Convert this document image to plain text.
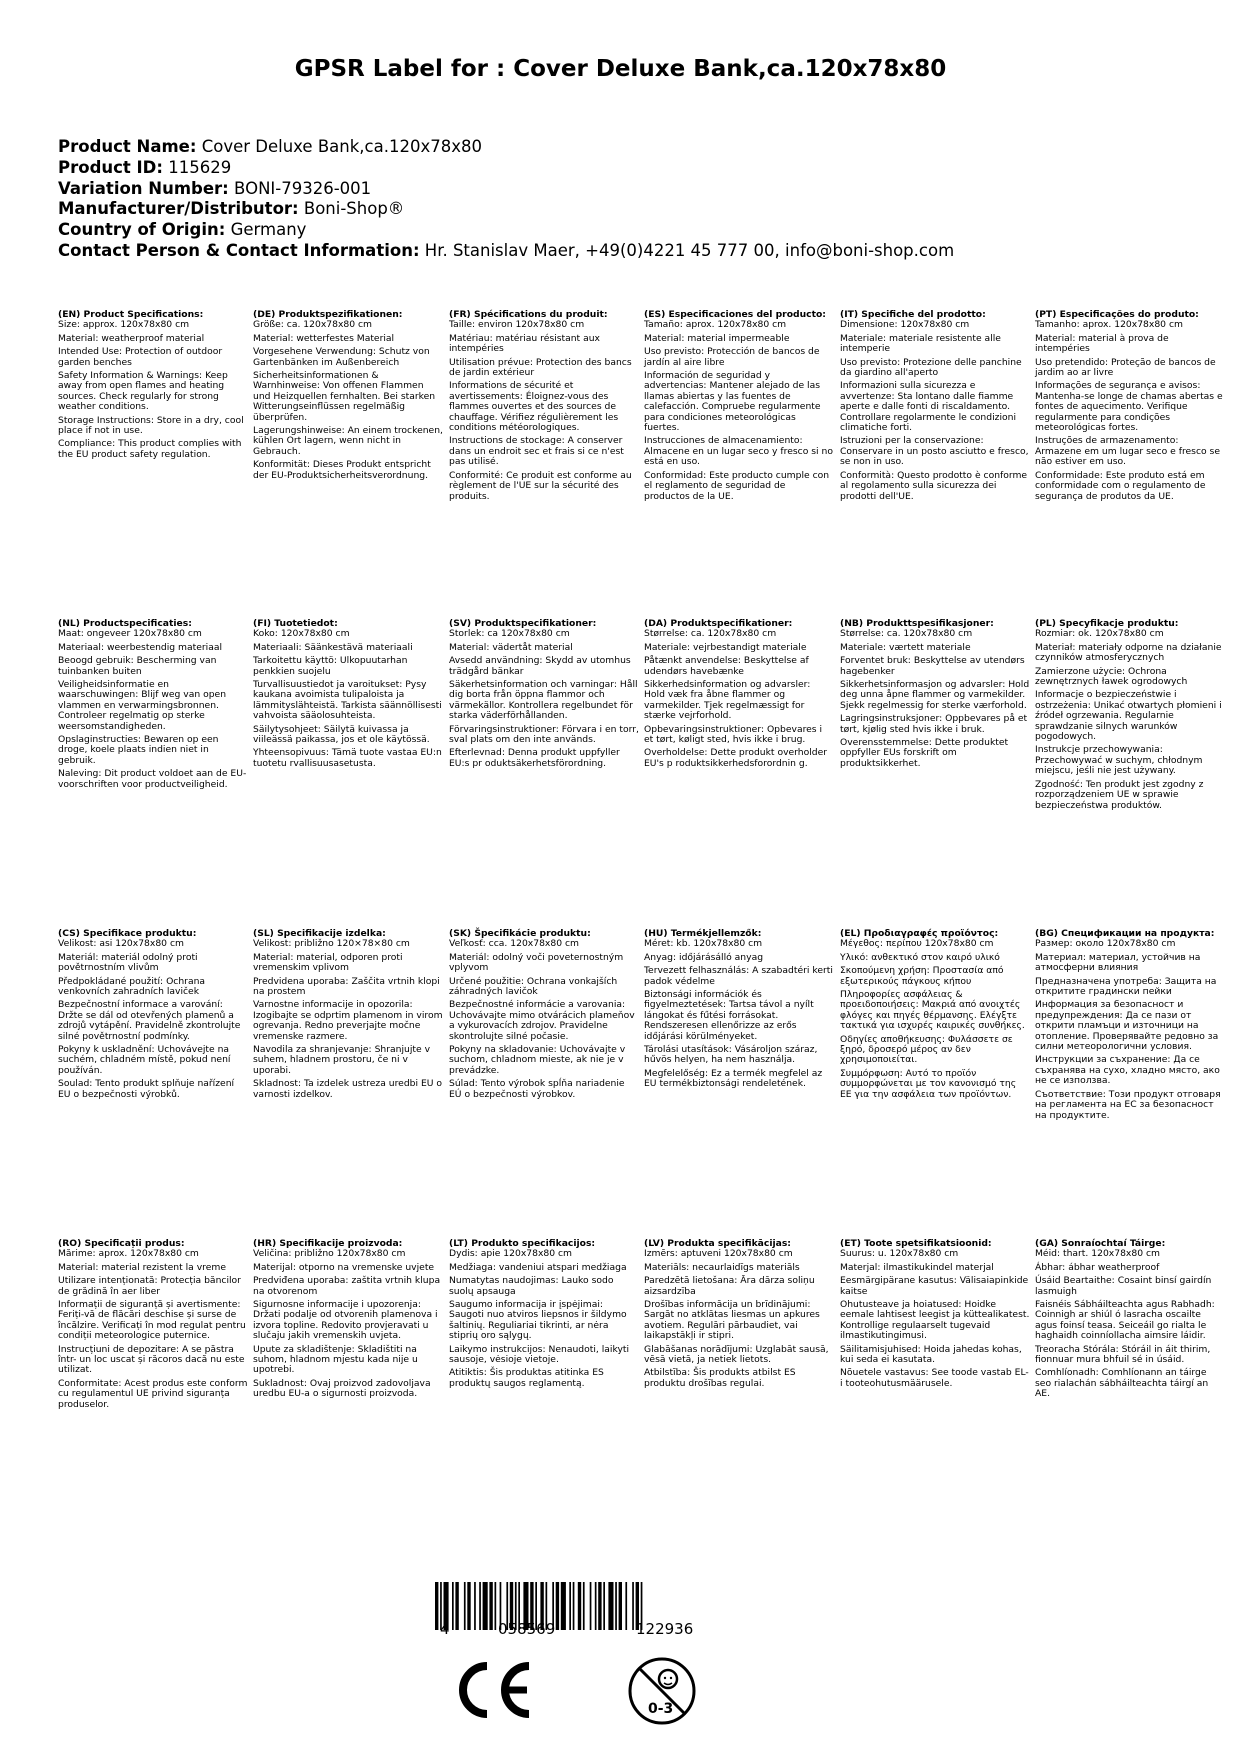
GPSR Label for : Cover Deluxe Bank,ca.120x78x80
Product Name: Cover Deluxe Bank,ca.120x78x80
Product ID: 115629
Variation Number: BONI-79326-001
Manufacturer/Distributor: Boni-Shop®
Country of Origin: Germany
Contact Person & Contact Information: Hr. Stanislav Maer, +49(0)4221 45 777 00, info@boni-shop.com
(EN) Product Specifications:
Size: approx. 120x78x80 cm
Material: weatherproof material
Intended Use: Protection of outdoor garden benches
Safety Information & Warnings: Keep away from open flames and heating sources. Check regularly for strong weather conditions.
Storage Instructions: Store in a dry, cool place if not in use.
Compliance: This product complies with the EU product safety regulation.
(DE) Produktspezifikationen:
Größe: ca. 120x78x80 cm
Material: wetterfestes Material
Vorgesehene Verwendung: Schutz von Gartenbänken im Außenbereich
Sicherheitsinformationen & Warnhinweise: Von offenen Flammen und Heizquellen fernhalten. Bei starken Witterungseinflüssen regelmäßig überprüfen.
Lagerungshinweise: An einem trockenen, kühlen Ort lagern, wenn nicht in Gebrauch.
Konformität: Dieses Produkt entspricht der EU-Produktsicherheitsverordnung.
(FR) Spécifications du produit:
Taille: environ 120x78x80 cm
Matériau: matériau résistant aux intempéries
Utilisation prévue: Protection des bancs de jardin extérieur
Informations de sécurité et avertissements: Éloignez-vous des flammes ouvertes et des sources de chauffage. Vérifiez régulièrement les conditions météorologiques.
Instructions de stockage: A conserver dans un endroit sec et frais si ce n'est pas utilisé.
Conformité: Ce produit est conforme au règlement de l'UE sur la sécurité des produits.
(ES) Especificaciones del producto:
Tamaño: aprox. 120x78x80 cm
Material: material impermeable
Uso previsto: Protección de bancos de jardín al aire libre
Información de seguridad y advertencias: Mantener alejado de las llamas abiertas y las fuentes de calefacción. Compruebe regularmente para condiciones meteorológicas fuertes.
Instrucciones de almacenamiento: Almacene en un lugar seco y fresco si no está en uso.
Conformidad: Este producto cumple con el reglamento de seguridad de productos de la UE.
(IT) Specifiche del prodotto:
Dimensione: 120x78x80 cm
Materiale: materiale resistente alle intemperie
Uso previsto: Protezione delle panchine da giardino all'aperto
Informazioni sulla sicurezza e avvertenze: Sta lontano dalle fiamme aperte e dalle fonti di riscaldamento. Controllare regolarmente le condizioni climatiche forti.
Istruzioni per la conservazione: Conservare in un posto asciutto e fresco, se non in uso.
Conformità: Questo prodotto è conforme al regolamento sulla sicurezza dei prodotti dell'UE.
(PT) Especificações do produto:
Tamanho: aprox. 120x78x80 cm
Material: material à prova de intempéries
Uso pretendido: Proteção de bancos de jardim ao ar livre
Informações de segurança e avisos: Mantenha-se longe de chamas abertas e fontes de aquecimento. Verifique regularmente para condições meteorológicas fortes.
Instruções de armazenamento: Armazene em um lugar seco e fresco se não estiver em uso.
Conformidade: Este produto está em conformidade com o regulamento de segurança de produtos da UE.
(NL) Productspecificaties:
Maat: ongeveer 120x78x80 cm
Materiaal: weerbestendig materiaal
Beoogd gebruik: Bescherming van tuinbanken buiten
Veiligheidsinformatie en waarschuwingen: Blijf weg van open vlammen en verwarmingsbronnen. Controleer regelmatig op sterke weersomstandigheden.
Opslaginstructies: Bewaren op een droge, koele plaats indien niet in gebruik.
Naleving: Dit product voldoet aan de EU-voorschriften voor productveiligheid.
(FI) Tuotetiedot:
Koko: 120x78x80 cm
Materiaali: Säänkestävä materiaali
Tarkoitettu käyttö: Ulkopuutarhan penkkien suojelu
Turvallisuustiedot ja varoitukset: Pysy kaukana avoimista tulipaloista ja lämmityslähteistä. Tarkista säännöllisesti vahvoista sääolosuhteista.
Säilytysohjeet: Säilytä kuivassa ja viileässä paikassa, jos et ole käytössä.
Yhteensopivuus: Tämä tuote vastaa EU:n tuotetu rvallisuusasetusta.
(SV) Produktspecifikationer:
Storlek: ca 120x78x80 cm
Material: vädertåt material
Avsedd användning: Skydd av utomhus trädgård bänkar
Säkerhetsinformation och varningar: Håll dig borta från öppna flammor och värmekällor. Kontrollera regelbundet för starka väderförhållanden.
Förvaringsinstruktioner: Förvara i en torr, sval plats om den inte används.
Efterlevnad: Denna produkt uppfyller EU:s pr oduktsäkerhetsförordning.
(DA) Produktspecifikationer:
Størrelse: ca. 120x78x80 cm
Materiale: vejrbestandigt materiale
Påtænkt anvendelse: Beskyttelse af udendørs havebænke
Sikkerhedsinformation og advarsler: Hold væk fra åbne flammer og varmekilder. Tjek regelmæssigt for stærke vejrforhold.
Opbevaringsinstruktioner: Opbevares i et tørt, køligt sted, hvis ikke i brug.
Overholdelse: Dette produkt overholder EU's p roduktsikkerhedsforordnin g.
(NB) Produkttspesifikasjoner:
Størrelse: ca. 120x78x80 cm
Materiale: værtett materiale
Forventet bruk: Beskyttelse av utendørs hagebenker
Sikkerhetsinformasjon og advarsler: Hold deg unna åpne flammer og varmekilder. Sjekk regelmessig for sterke værforhold.
Lagringsinstruksjoner: Oppbevares på et tørt, kjølig sted hvis ikke i bruk.
Overensstemmelse: Dette produktet oppfyller EUs forskrift om produktsikkerhet.
(PL) Specyfikacje produktu:
Rozmiar: ok. 120x78x80 cm
Materiał: materiały odporne na działanie czynników atmosferycznych
Zamierzone użycie: Ochrona zewnętrznych ławek ogrodowych
Informacje o bezpieczeństwie i ostrzeżenia: Unikać otwartych płomieni i źródeł ogrzewania. Regularnie sprawdzanie silnych warunków pogodowych.
Instrukcje przechowywania: Przechowywać w suchym, chłodnym miejscu, jeśli nie jest używany.
Zgodność: Ten produkt jest zgodny z rozporządzeniem UE w sprawie bezpieczeństwa produktów.
(CS) Specifikace produktu:
Velikost: asi 120x78x80 cm
Materiál: materiál odolný proti povětrnostním vlivům
Předpokládané použití: Ochrana venkovních zahradních laviček
Bezpečnostní informace a varování: Držte se dál od otevřených plamenů a zdrojů vytápění. Pravidelně zkontrolujte silné povětrnostní podmínky.
Pokyny k uskladnění: Uchovávejte na suchém, chladném místě, pokud není používán.
Soulad: Tento produkt splňuje nařízení EU o bezpečnosti výrobků.
(SL) Specifikacije izdelka:
Velikost: približno 120×78×80 cm
Material: material, odporen proti vremenskim vplivom
Predvidena uporaba: Zaščita vrtnih klopi na prostem
Varnostne informacije in opozorila: Izogibajte se odprtim plamenom in virom ogrevanja. Redno preverjajte močne vremenske razmere.
Navodila za shranjevanje: Shranjujte v suhem, hladnem prostoru, če ni v uporabi.
Skladnost: Ta izdelek ustreza uredbi EU o varnosti izdelkov.
(SK) Špecifikácie produktu:
Veľkosť: cca. 120x78x80 cm
Materiál: odolný voči poveternostným vplyvom
Určené použitie: Ochrana vonkajších záhradných lavičok
Bezpečnostné informácie a varovania: Uchovávajte mimo otvárácich plameňov a vykurovacích zdrojov. Pravidelne skontrolujte silné počasie.
Pokyny na skladovanie: Uchovávajte v suchom, chladnom mieste, ak nie je v prevádzke.
Súlad: Tento výrobok spĺňa nariadenie EÚ o bezpečnosti výrobkov.
(HU) Termékjellemzők:
Méret: kb. 120x78x80 cm
Anyag: időjárásálló anyag
Tervezett felhasználás: A szabadtéri kerti padok védelme
Biztonsági információk és figyelmeztetések: Tartsa távol a nyílt lángokat és fűtési forrásokat. Rendszeresen ellenőrizze az erős időjárási körülményeket.
Tárolási utasítások: Vásároljon száraz, hűvös helyen, ha nem használja.
Megfelelőség: Ez a termék megfelel az EU termékbiztonsági rendeletének.
(EL) Προδιαγραφές προϊόντος:
Μέγεθος: περίπου 120x78x80 cm
Υλικό: ανθεκτικό στον καιρό υλικό
Σκοπούμενη χρήση: Προστασία από εξωτερικούς πάγκους κήπου
Πληροφορίες ασφάλειας & προειδοποιήσεις: Μακριά από ανοιχτές φλόγες και πηγές θέρμανσης. Ελέγξτε τακτικά για ισχυρές καιρικές συνθήκες.
Οδηγίες αποθήκευσης: Φυλάσσετε σε ξηρό, δροσερό μέρος αν δεν χρησιμοποιείται.
Συμμόρφωση: Αυτό το προϊόν συμμορφώνεται με τον κανονισμό της ΕΕ για την ασφάλεια των προϊόντων.
(BG) Спецификации на продукта:
Размер: около 120x78x80 cm
Материал: материал, устойчив на атмосферни влияния
Предназначена употреба: Защита на откритите градински пейки
Информация за безопасност и предупреждения: Да се пази от открити пламъци и източници на отопление. Проверявайте редовно за силни метеорологични условия.
Инструкции за съхранение: Да се съхранява на сухо, хладно място, ако не се използва.
Съответствие: Този продукт отговаря на регламента на ЕС за безопасност на продуктите.
(RO) Specificații produs:
Mărime: aprox. 120x78x80 cm
Material: material rezistent la vreme
Utilizare intenționată: Protecția băncilor de grădină în aer liber
Informații de siguranță și avertismente: Feriți-vă de flăcări deschise și surse de încălzire. Verificați în mod regulat pentru condiții meteorologice puternice.
Instrucțiuni de depozitare: A se păstra într- un loc uscat și răcoros dacă nu este utilizat.
Conformitate: Acest produs este conform cu regulamentul UE privind siguranța produselor.
(HR) Specifikacije proizvoda:
Veličina: približno 120x78x80 cm
Materijal: otporno na vremenske uvjete
Predviđena uporaba: zaštita vrtnih klupa na otvorenom
Sigurnosne informacije i upozorenja: Držati podalje od otvorenih plamenova i izvora topline. Redovito provjeravati u slučaju jakih vremenskih uvjeta.
Upute za skladištenje: Skladištiti na suhom, hladnom mjestu kada nije u upotrebi.
Sukladnost: Ovaj proizvod zadovoljava uredbu EU-a o sigurnosti proizvoda.
(LT) Produkto specifikacijos:
Dydis: apie 120x78x80 cm
Medžiaga: vandeniui atspari medžiaga
Numatytas naudojimas: Lauko sodo suolų apsauga
Saugumo informacija ir įspėjimai: Saugoti nuo atviros liepsnos ir šildymo šaltinių. Reguliariai tikrinti, ar nėra stiprių oro sąlygų.
Laikymo instrukcijos: Nenaudoti, laikyti sausoje, vėsioje vietoje.
Atitiktis: Šis produktas atitinka ES produktų saugos reglamentą.
(LV) Produkta specifikācijas:
Izmērs: aptuveni 120x78x80 cm
Materiāls: necaurlaidīgs materiāls
Paredzētā lietošana: Āra dārza soliņu aizsardzība
Drošības informācija un brīdinājumi: Sargāt no atklātas liesmas un apkures avotiem. Regulāri pārbaudiet, vai laikapstākļi ir stipri.
Glabāšanas norādījumi: Uzglabāt sausā, vēsā vietā, ja netiek lietots.
Atbilstība: Šis produkts atbilst ES produktu drošības regulai.
(ET) Toote spetsifikatsioonid:
Suurus: u. 120x78x80 cm
Materjal: ilmastikukindel materjal
Eesmärgipärane kasutus: Välisaiapinkide kaitse
Ohutusteave ja hoiatused: Hoidke eemale lahtisest leegist ja küttealikatest. Kontrollige regulaarselt tugevaid ilmastikutingimusi.
Säilitamisjuhised: Hoida jahedas kohas, kui seda ei kasutata.
Nõuetele vastavus: See toode vastab EL-i tooteohutusmäärusele.
(GA) Sonraíochtaí Táirge:
Méid: thart. 120x78x80 cm
Ábhar: ábhar weatherproof
Úsáid Beartaithe: Cosaint binsí gairdín lasmuigh
Faisnéis Sábháilteachta agus Rabhadh: Coinnigh ar shiúl ó lasracha oscailte agus foinsí teasa. Seiceáil go rialta le haghaidh coinníollacha aimsire láidir.
Treoracha Stórála: Stóráil in áit thirim, fionnuar mura bhfuil sé in úsáid.
Comhlíonadh: Comhlíonann an táirge seo rialachán sábháilteachta táirgí an AE.
4	058569	122936
0-3
